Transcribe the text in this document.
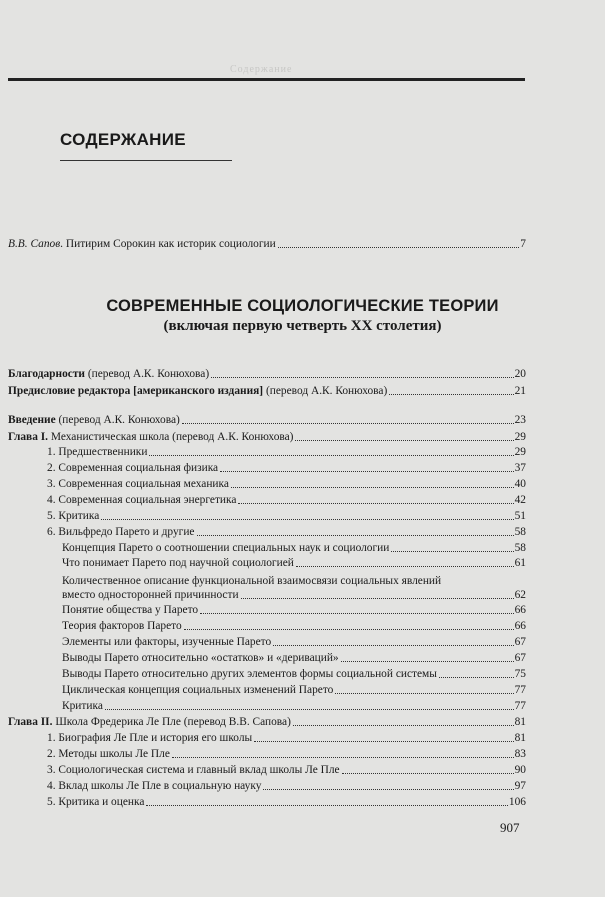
Содержание
СОДЕРЖАНИЕ
В.В. Сапов. Питирим Сорокин как историк социологии	7
СОВРЕМЕННЫЕ СОЦИОЛОГИЧЕСКИЕ ТЕОРИИ
(включая первую четверть XX столетия)
Благодарности (перевод А.К. Конюхова)	20
Предисловие редактора [американского издания] (перевод А.К. Конюхова)	21
Введение (перевод А.К. Конюхова)	23
Глава I. Механистическая школа (перевод А.К. Конюхова)	29
1. Предшественники	29
2. Современная социальная физика	37
3. Современная социальная механика	40
4. Современная социальная энергетика	42
5. Критика	51
6. Вильфредо Парето и другие	58
Концепция Парето о соотношении специальных наук и социологии	58
Что понимает Парето под научной социологией	61
Количественное описание функциональной взаимосвязи социальных явлений
вместо односторонней причинности	62
Понятие общества у Парето	66
Теория факторов Парето	66
Элементы или факторы, изученные Парето	67
Выводы Парето относительно «остатков» и «дериваций»	67
Выводы Парето относительно других элементов формы социальной системы	75
Циклическая концепция социальных изменений Парето	77
Критика	77
Глава II. Школа Фредерика Ле Пле (перевод В.В. Сапова)	81
1. Биография Ле Пле и история его школы	81
2. Методы школы Ле Пле	83
3. Социологическая система и главный вклад школы Ле Пле	90
4. Вклад школы Ле Пле в социальную науку	97
5. Критика и оценка	106
907
